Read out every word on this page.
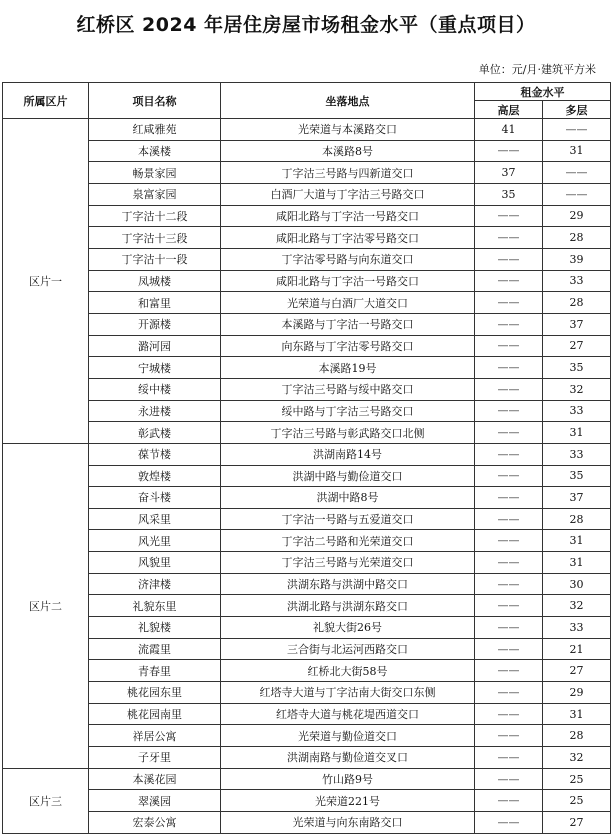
红桥区 2024 年居住房屋市场租金水平（重点项目）
单位：元/月·建筑平方米
所属区片	项目名称	坐落地点	租金水平	
			高层	多层
区片一	红咸雅苑	光荣道与本溪路交口	41	——
	本溪楼	本溪路8号	——	31
	畅景家园	丁字沽三号路与四新道交口	37	——
	泉富家园	白酒厂大道与丁字沽三号路交口	35	——
	丁字沽十二段	咸阳北路与丁字沽一号路交口	——	29
	丁字沽十三段	咸阳北路与丁字沽零号路交口	——	28
	丁字沽十一段	丁字沽零号路与向东道交口	——	39
	凤城楼	咸阳北路与丁字沽一号路交口	——	33
	和富里	光荣道与白酒厂大道交口	——	28
	开源楼	本溪路与丁字沽一号路交口	——	37
	潞河园	向东路与丁字沽零号路交口	——	27
	宁城楼	本溪路19号	——	35
	绥中楼	丁字沽三号路与绥中路交口	——	32
	永进楼	绥中路与丁字沽三号路交口	——	33
	彰武楼	丁字沽三号路与彰武路交口北侧	——	31
区片二	葆节楼	洪湖南路14号	——	33
	敦煌楼	洪湖中路与勤俭道交口	——	35
	奋斗楼	洪湖中路8号	——	37
	风采里	丁字沽一号路与五爱道交口	——	28
	风光里	丁字沽二号路和光荣道交口	——	31
	风貌里	丁字沽三号路与光荣道交口	——	31
	济津楼	洪湖东路与洪湖中路交口	——	30
	礼貌东里	洪湖北路与洪湖东路交口	——	32
	礼貌楼	礼貌大街26号	——	33
	流霞里	三合街与北运河西路交口	——	21
	青春里	红桥北大街58号	——	27
	桃花园东里	红塔寺大道与丁字沽南大街交口东侧	——	29
	桃花园南里	红塔寺大道与桃花堤西道交口	——	31
	祥居公寓	光荣道与勤俭道交口	——	28
	子牙里	洪湖南路与勤俭道交叉口	——	32
区片三	本溪花园	竹山路9号	——	25
	翠溪园	光荣道221号	——	25
	宏泰公寓	光荣道与向东南路交口	——	27
